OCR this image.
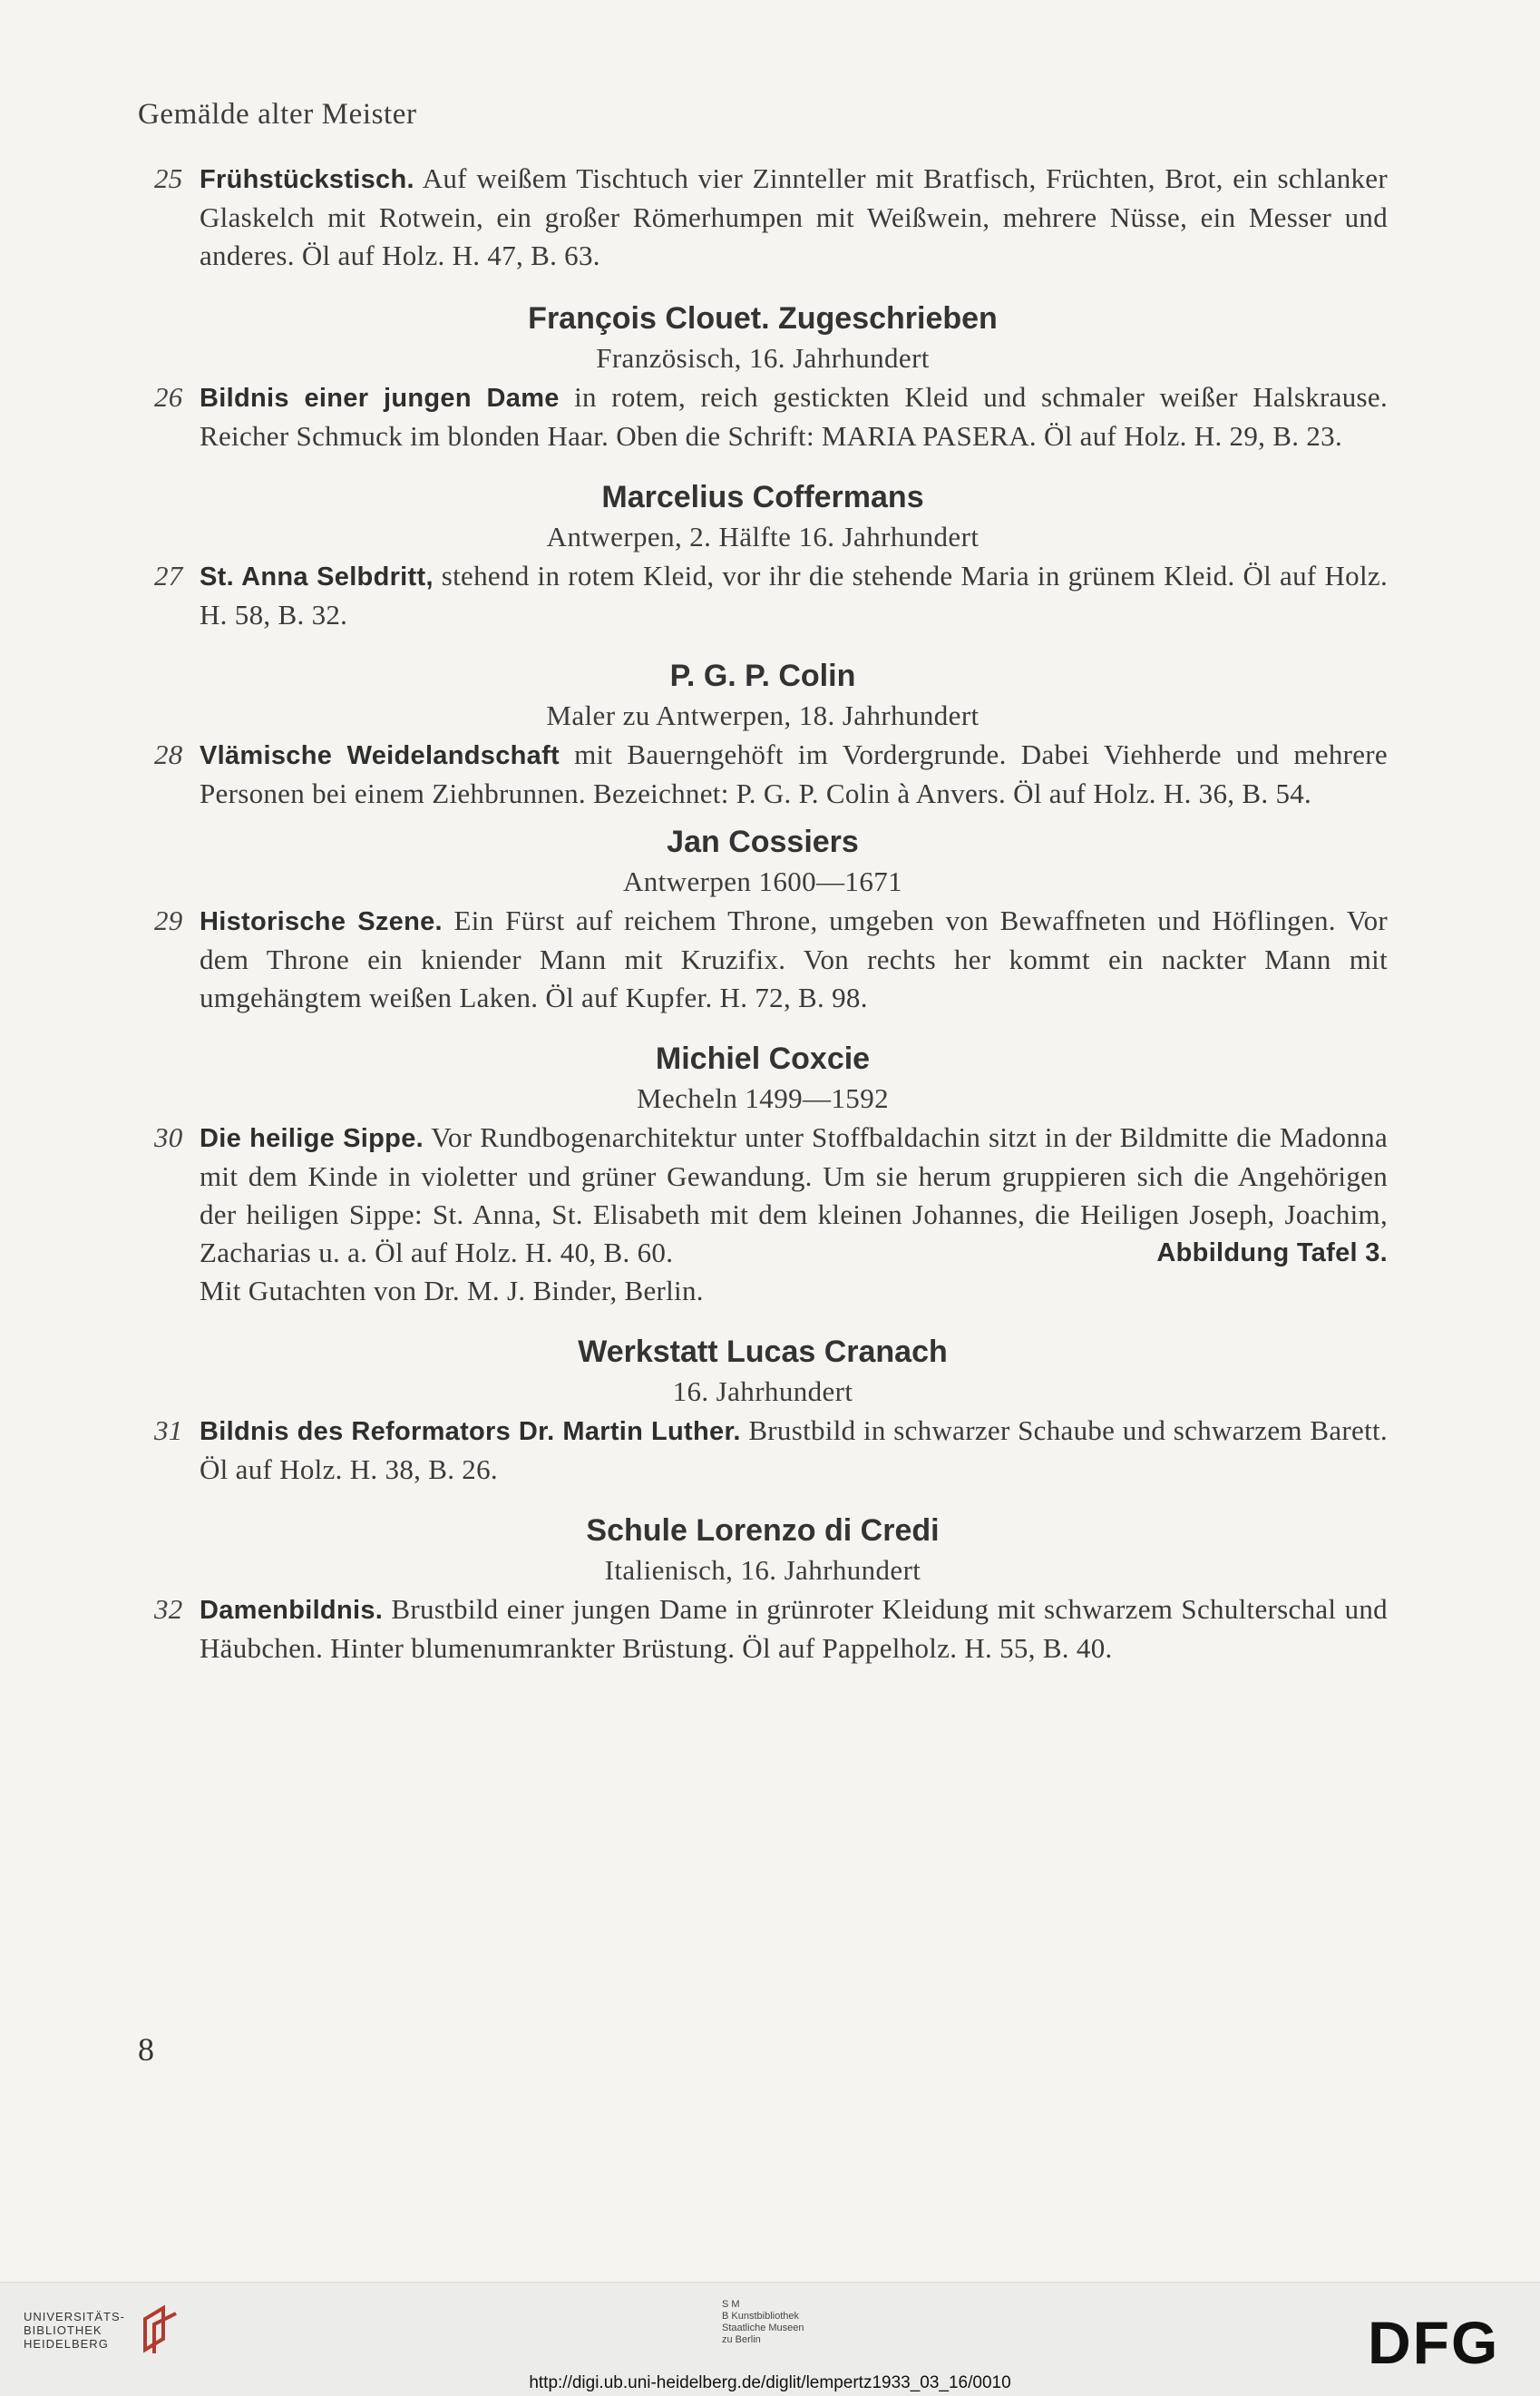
Gemälde alter Meister
25 Frühstückstisch. Auf weißem Tischtuch vier Zinnteller mit Bratfisch, Früchten, Brot, ein schlanker Glaskelch mit Rotwein, ein großer Römerhumpen mit Weißwein, mehrere Nüsse, ein Messer und anderes. Öl auf Holz. H. 47, B. 63.

François Clouet. Zugeschrieben

Französisch, 16. Jahrhundert

26 Bildnis einer jungen Dame in rotem, reich gestickten Kleid und schmaler weißer Halskrause. Reicher Schmuck im blonden Haar. Oben die Schrift: MARIA PASERA. Öl auf Holz. H. 29, B. 23.

Marcelius Coffermans

Antwerpen, 2. Hälfte 16. Jahrhundert

27 St. Anna Selbdritt, stehend in rotem Kleid, vor ihr die stehende Maria in grünem Kleid. Öl auf Holz. H. 58, B. 32.

P. G. P. Colin

Maler zu Antwerpen, 18. Jahrhundert

28 Vlämische Weidelandschaft mit Bauerngehöft im Vordergrunde. Dabei Viehherde und mehrere Personen bei einem Ziehbrunnen. Bezeichnet: P. G. P. Colin à Anvers. Öl auf Holz. H. 36, B. 54.

Jan Cossiers

Antwerpen 1600—1671

29 Historische Szene. Ein Fürst auf reichem Throne, umgeben von Bewaffneten und Höflingen. Vor dem Throne ein kniender Mann mit Kruzifix. Von rechts her kommt ein nackter Mann mit umgehängtem weißen Laken. Öl auf Kupfer. H. 72, B. 98.

Michiel Coxcie

Mecheln 1499—1592

30 Die heilige Sippe. Vor Rundbogenarchitektur unter Stoffbaldachin sitzt in der Bildmitte die Madonna mit dem Kinde in violetter und grüner Gewandung. Um sie herum gruppieren sich die Angehörigen der heiligen Sippe: St. Anna, St. Elisabeth mit dem kleinen Johannes, die Heiligen Joseph, Joachim, Zacharias u. a. Öl auf Holz. H. 40, B. 60.	Abbildung Tafel 3.
Mit Gutachten von Dr. M. J. Binder, Berlin.

Werkstatt Lucas Cranach

16. Jahrhundert

31 Bildnis des Reformators Dr. Martin Luther. Brustbild in schwarzer Schaube und schwarzem Barett. Öl auf Holz. H. 38, B. 26.

Schule Lorenzo di Credi

Italienisch, 16. Jahrhundert

32 Damenbildnis. Brustbild einer jungen Dame in grünroter Kleidung mit schwarzem Schulterschal und Häubchen. Hinter blumenumrankter Brüstung. Öl auf Pappelholz. H. 55, B. 40.
8
UNIVERSITÄTS-
BIBLIOTHEK
HEIDELBERG
S M
B Kunstbibliothek
Staatliche Museen
zu Berlin	DFG
http://digi.ub.uni-heidelberg.de/diglit/lempertz1933_03_16/0010
